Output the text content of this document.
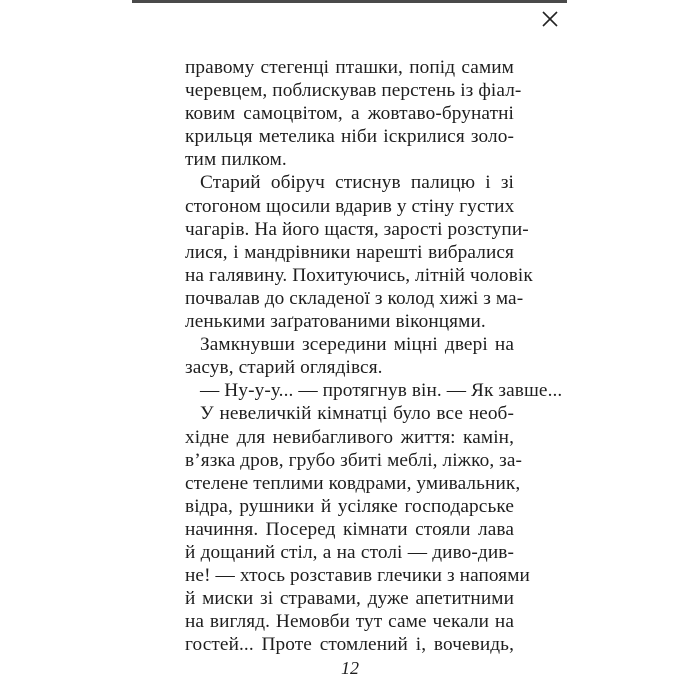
правому стегенці пташки, попід самим
черевцем, поблискував перстень із фіал-
ковим самоцвітом, а жовтаво-брунатні
крильця метелика ніби іскрилися золо-
тим пилком.
Старий обіруч стиснув палицю і зі
стогоном щосили вдарив у стіну густих
чагарів. На його щастя, зарості розступи-
лися, і мандрівники нарешті вибралися
на галявину. Похитуючись, літній чоловік
почвалав до складеної з колод хижі з ма-
ленькими заґратованими віконцями.
Замкнувши зсередини міцні двері на
засув, старий оглядівся.
— Ну-у-у... — протягнув він. — Як завше...
У невеличкій кімнатці було все необ-
хідне для невибагливого життя: камін,
в’язка дров, грубо збиті меблі, ліжко, за-
стелене теплими ковдрами, умивальник,
відра, рушники й усіляке господарське
начиння. Посеред кімнати стояли лава
й дощаний стіл, а на столі — диво-див-
не! — хтось розставив глечики з напоями
й миски зі стравами, дуже апетитними
на вигляд. Немовби тут саме чекали на
гостей... Проте стомлений і, вочевидь,
12
